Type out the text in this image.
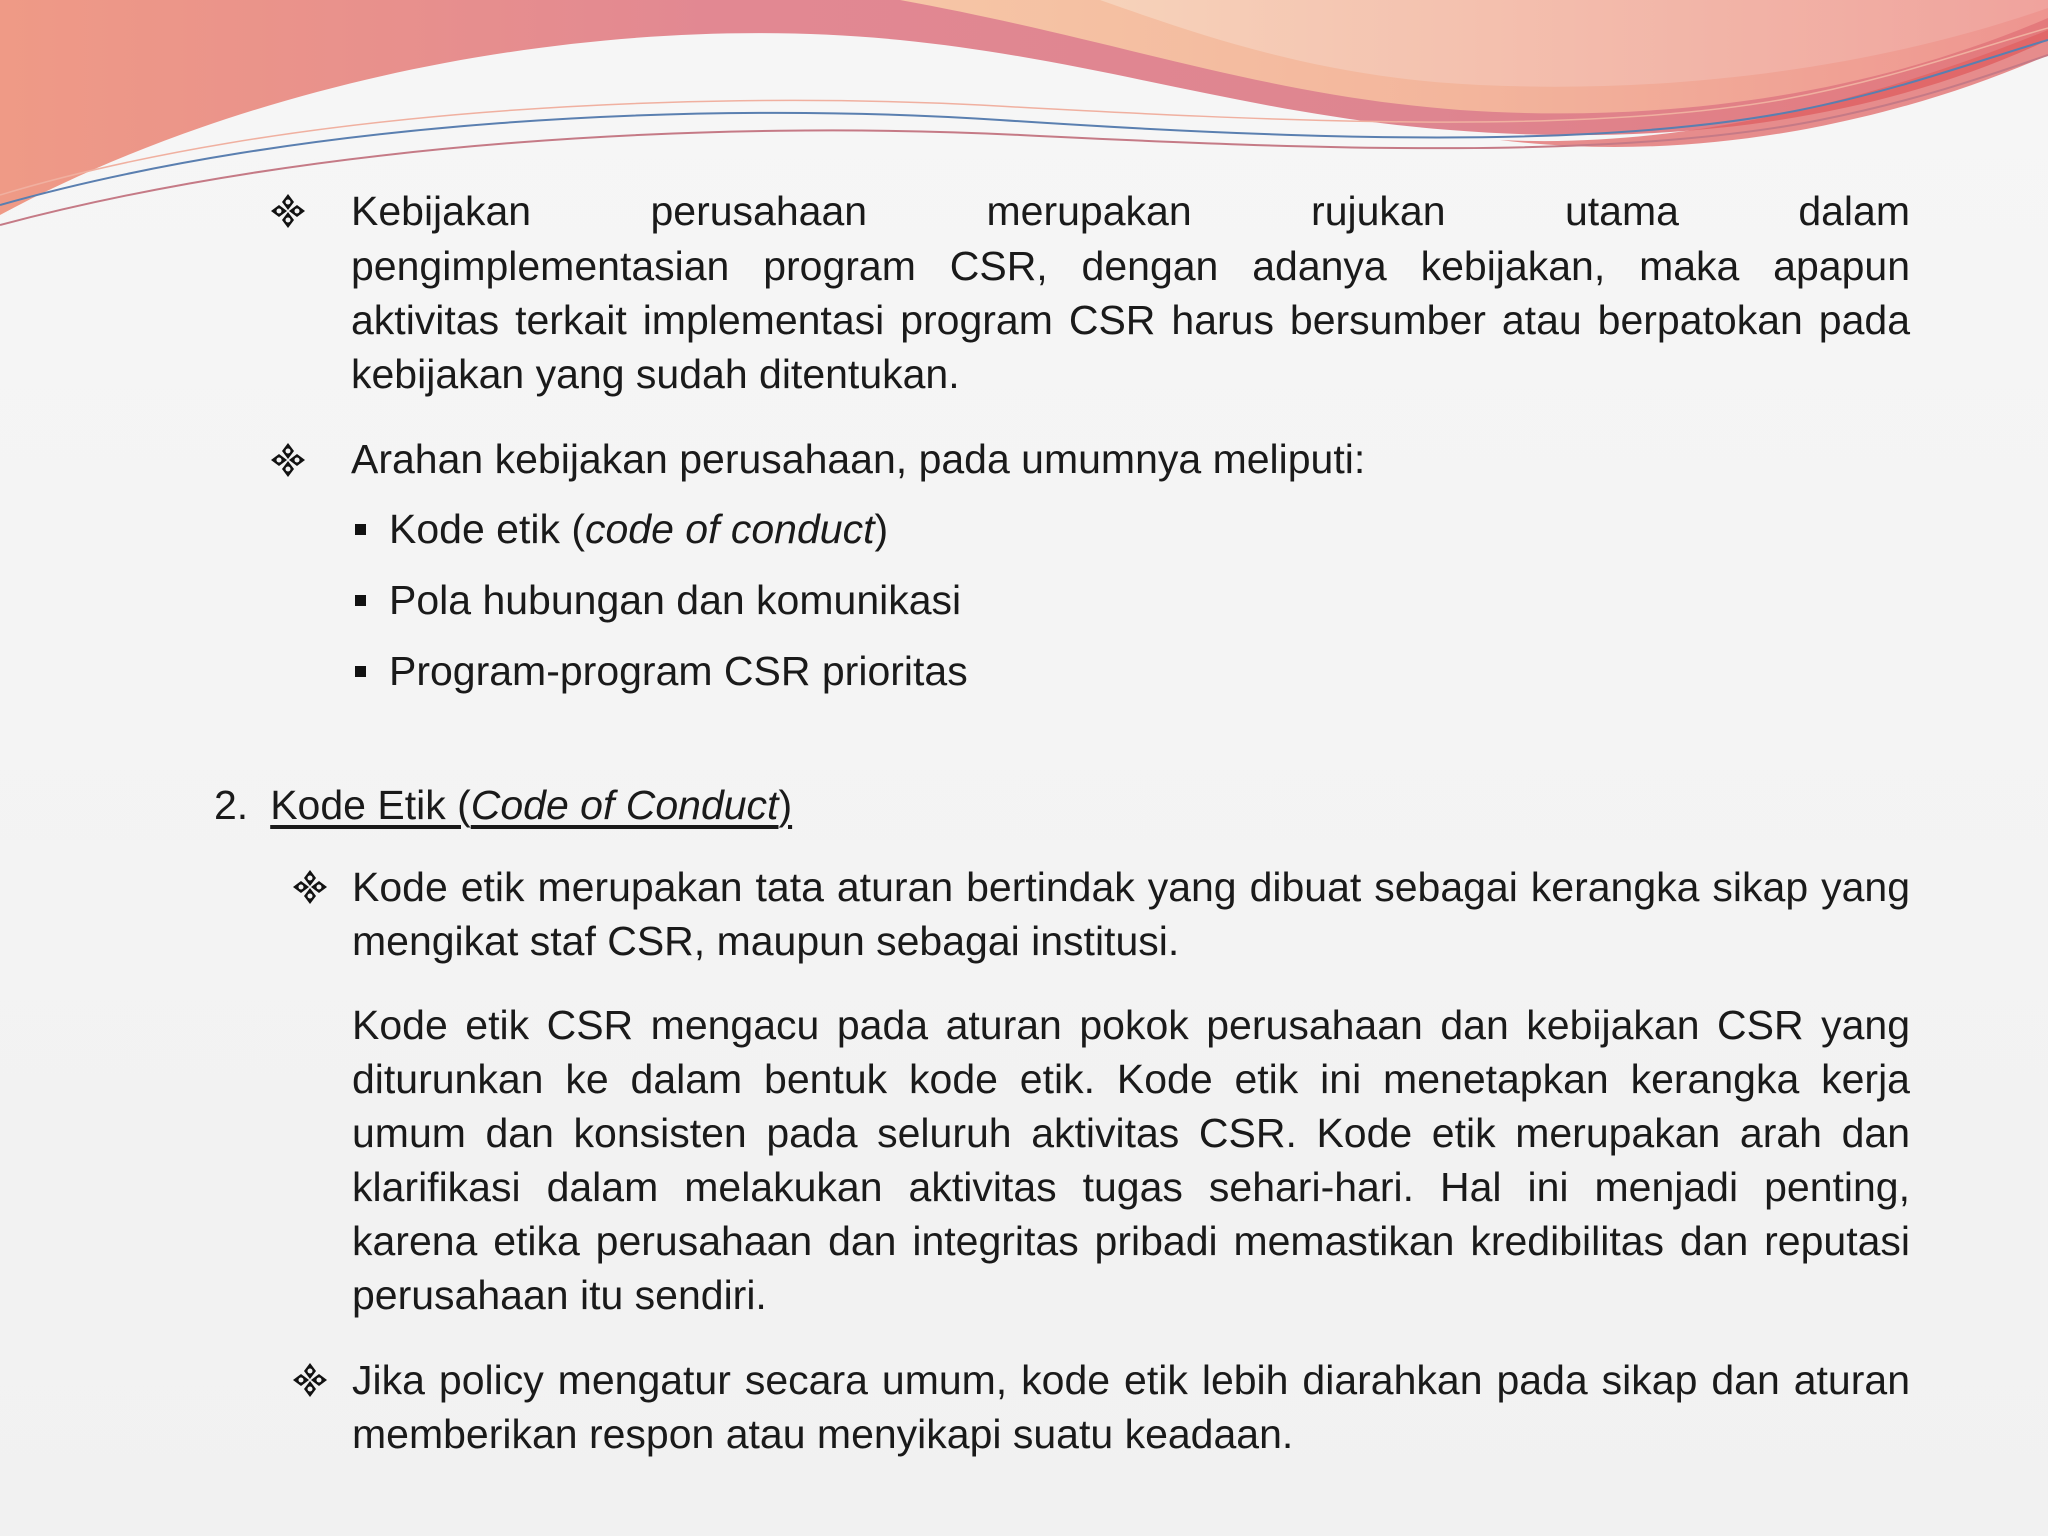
Kebijakan	perusahaan	merupakan	rujukan	utama	dalam
pengimplementasian program CSR, dengan adanya kebijakan, maka apapun aktivitas terkait implementasi program CSR harus bersumber atau berpatokan pada kebijakan yang sudah ditentukan.
Arahan kebijakan perusahaan, pada umumnya meliputi:
Kode etik (code of conduct)
Pola hubungan dan komunikasi
Program-program CSR prioritas
2. Kode Etik (Code of Conduct)
Kode etik merupakan tata aturan bertindak yang dibuat sebagai kerangka sikap yang mengikat staf CSR, maupun sebagai institusi.
Kode etik CSR mengacu pada aturan pokok perusahaan dan kebijakan CSR yang diturunkan ke dalam bentuk kode etik. Kode etik ini menetapkan kerangka kerja umum dan konsisten pada seluruh aktivitas CSR. Kode etik merupakan arah dan klarifikasi dalam melakukan aktivitas tugas sehari-hari. Hal ini menjadi penting, karena etika perusahaan dan integritas pribadi memastikan kredibilitas dan reputasi perusahaan itu sendiri.
Jika policy mengatur secara umum, kode etik lebih diarahkan pada sikap dan aturan memberikan respon atau menyikapi suatu keadaan.
